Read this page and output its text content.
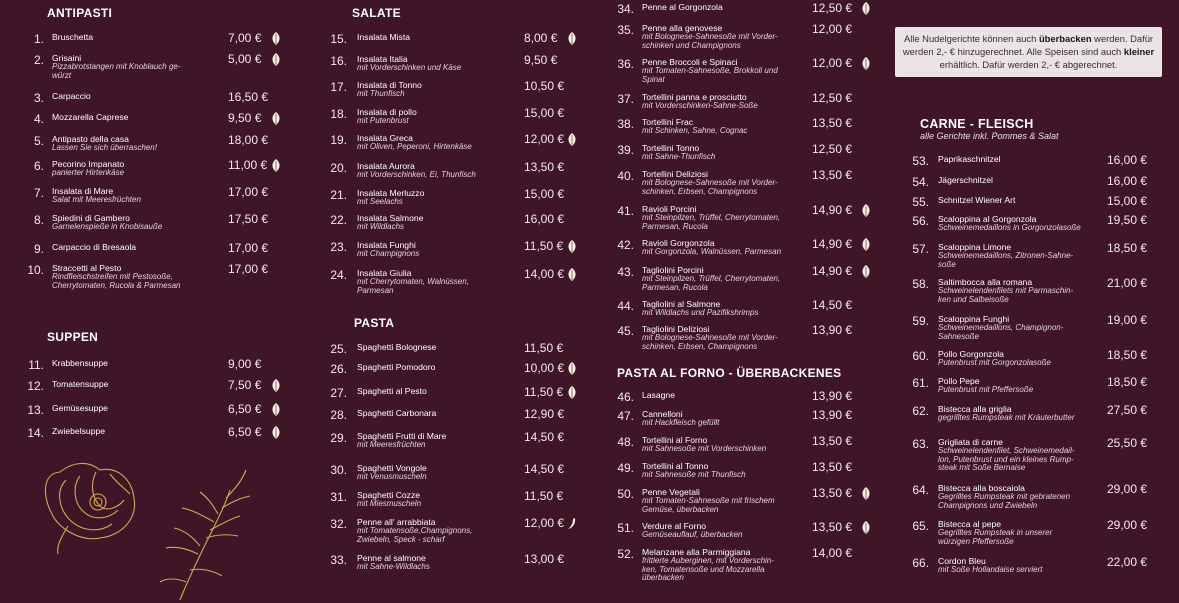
ANTIPASTI
1. Bruschetta	7,00 €
2. Grisaini
Pizzabrotstangen mit Knoblauch ge-
würzt
5,00 €
3. Carpaccio	16,50 €
4. Mozzarella Caprese	9,50 €
5. Antipasto della casa
Lassen Sie sich überraschen!
18,00 €
6. Pecorino Impanato
panierter Hirtenkäse
11,00 €
7. Insalata di Mare
Salat mit Meeresfrüchten
17,00 €
8. Spiedini di Gambero
Garnelenspieße in Knobisauße
17,50 €
9. Carpaccio di Bresaola	17,00 €
10. Straccetti al Pesto
Rindfleischstreifen mit Pestosoße,
Cherrytomaten, Rucola & Parmesan
17,00 €
SUPPEN
11. Krabbensuppe	9,00 €
12. Tomatensuppe	7,50 €
13. Gemüsesuppe	6,50 €
14. Zwiebelsuppe	6,50 €
SALATE
15. Insalata Mista	8,00 €
16. Insalata Italia
mit Vorderschinken und Käse
9,50 €
17. Insalata di Tonno
mit Thunfisch
10,50 €
18. Insalata di pollo
mit Putenbrust
15,00 €
19. Insalata Greca
mit Oliven, Peperoni, Hirtenkäse
12,00 €
20. Insalata Aurora
mit Vorderschinken, Ei, Thunfisch
13,50 €
21. Insalata Merluzzo
mit Seelachs
15,00 €
22. Insalata Salmone
mit Wildlachs
16,00 €
23. Insalata Funghi
mit Champignons
11,50 €
24. Insalata Giulia
mit Cherrytomaten, Walnüssen,
Parmesan
14,00 €
PASTA
25. Spaghetti Bolognese	11,50 €
26. Spaghetti Pomodoro	10,00 €
27. Spaghetti al Pesto	11,50 €
28. Spaghetti Carbonara	12,90 €
29. Spaghetti Frutti di Mare
mit Meeresfrüchten
14,50 €
30. Spaghetti Vongole
mit Venusmuscheln
14,50 €
31. Spaghetti Cozze
mit Miesmuscheln
11,50 €
32. Penne all' arrabbiata
mit Tomatensoße,Champignons,
Zwiebeln, Speck - scharf
12,00 €
33. Penne al salmone
mit Sahne-Wildlachs
13,00 €
34. Penne al Gorgonzola	12,50 €
35. Penne alla genovese
mit Bolognese-Sahnesoße mit Vorder-
schinken und Champignons
12,00 €
36. Penne Broccoli e Spinaci
mit Tomaten-Sahnesoße, Brokkoli und
Spinat
12,00 €
37. Tortellini panna e prosciutto
mit Vorderschinken-Sahne-Soße
12,50 €
38. Tortellini Frac
mit Schinken, Sahne, Cognac
13,50 €
39. Tortellini Tonno
mit Sahne-Thunfisch
12,50 €
40. Tortellini Deliziosi
mit Bolognese-Sahnesoße mit Vorder-
schinken, Erbsen, Champignons
13,50 €
41. Ravioli Porcini
mit Steinpilzen, Trüffel, Cherrytomaten,
Parmesan, Rucola
14,90 €
42. Ravioli Gorgonzola
mit Gorgonzola, Walnüssen, Parmesan
14,90 €
43. Tagliolini Porcini
mit Steinpilzen, Trüffel, Cherrytomaten,
Parmesan, Rucola
14,90 €
44. Tagliolini al Salmone
mit Wildlachs und Pazifikshrimps
14,50 €
45. Tagliolini Deliziosi
mit Bolognese-Sahnesoße mit Vorder-
schinken, Erbsen, Champignons
13,90 €
PASTA AL FORNO - ÜBERBACKENES
46. Lasagne	13,90 €
47. Cannelloni
mit Hackfleisch gefüllt
13,90 €
48. Tortellini al Forno
mit Sahnesoße mit Vorderschinken
13,50 €
49. Tortellini al Tonno
mit Sahnesoße mit Thunfisch
13,50 €
50. Penne Vegetali
mit Tomaten-Sahnesoße mit frischem
Gemüse, überbacken
13,50 €
51. Verdure al Forno
Gemüseauflauf, überbacken
13,50 €
52. Melanzane alla Parmiggiana
frittierte Auberginen, mit Vorderschin-
ken, Tomatensoße und Mozzarella
überbacken
14,00 €
Alle Nudelgerichte können auch überbacken werden. Dafür werden 2,- € hinzugerechnet. Alle Speisen sind auch kleiner erhältlich. Dafür werden 2,- € abgerechnet.
CARNE - FLEISCH
alle Gerichte inkl. Pommes & Salat
53. Paprikaschnitzel	16,00 €
54. Jägerschnitzel	16,00 €
55. Schnitzel Wiener Art	15,00 €
56. Scaloppina al Gorgonzola
Schweinemedaillons in Gorgonzolasoße
19,50 €
57. Scaloppina Limone
Schweinemedaillons, Zitronen-Sahne-
soße
18,50 €
58. Saltimbocca alla romana
Schweinelendenfilets mit Parmaschin-
ken und Salbeisoße
21,00 €
59. Scaloppina Funghi
Schweinemedaillons, Champignon-
Sahnesoße
19,00 €
60. Pollo Gorgonzola
Putenbrust mit Gorgonzolasoße
18,50 €
61. Pollo Pepe
Putenbrust mit Pfeffersoße
18,50 €
62. Bistecca alla griglia
gegrilltes Rumpsteak mit Kräuterbutter
27,50 €
63. Grigliata di carne
Schweinelendenfilet, Schweinemedail-
lon, Putenbrust und ein kleines Rump-
steak mit Soße Bernaise
25,50 €
64. Bistecca alla boscaiola
Gegrilltes Rumpsteak mit gebratenen
Champignons und Zwiebeln
29,00 €
65. Bistecca al pepe
Gegrilltes Rumpsteak in unserer
würzigen Pfeffersoße
29,00 €
66. Cordon Bleu
mit Soße Hollandaise serviert
22,00 €
